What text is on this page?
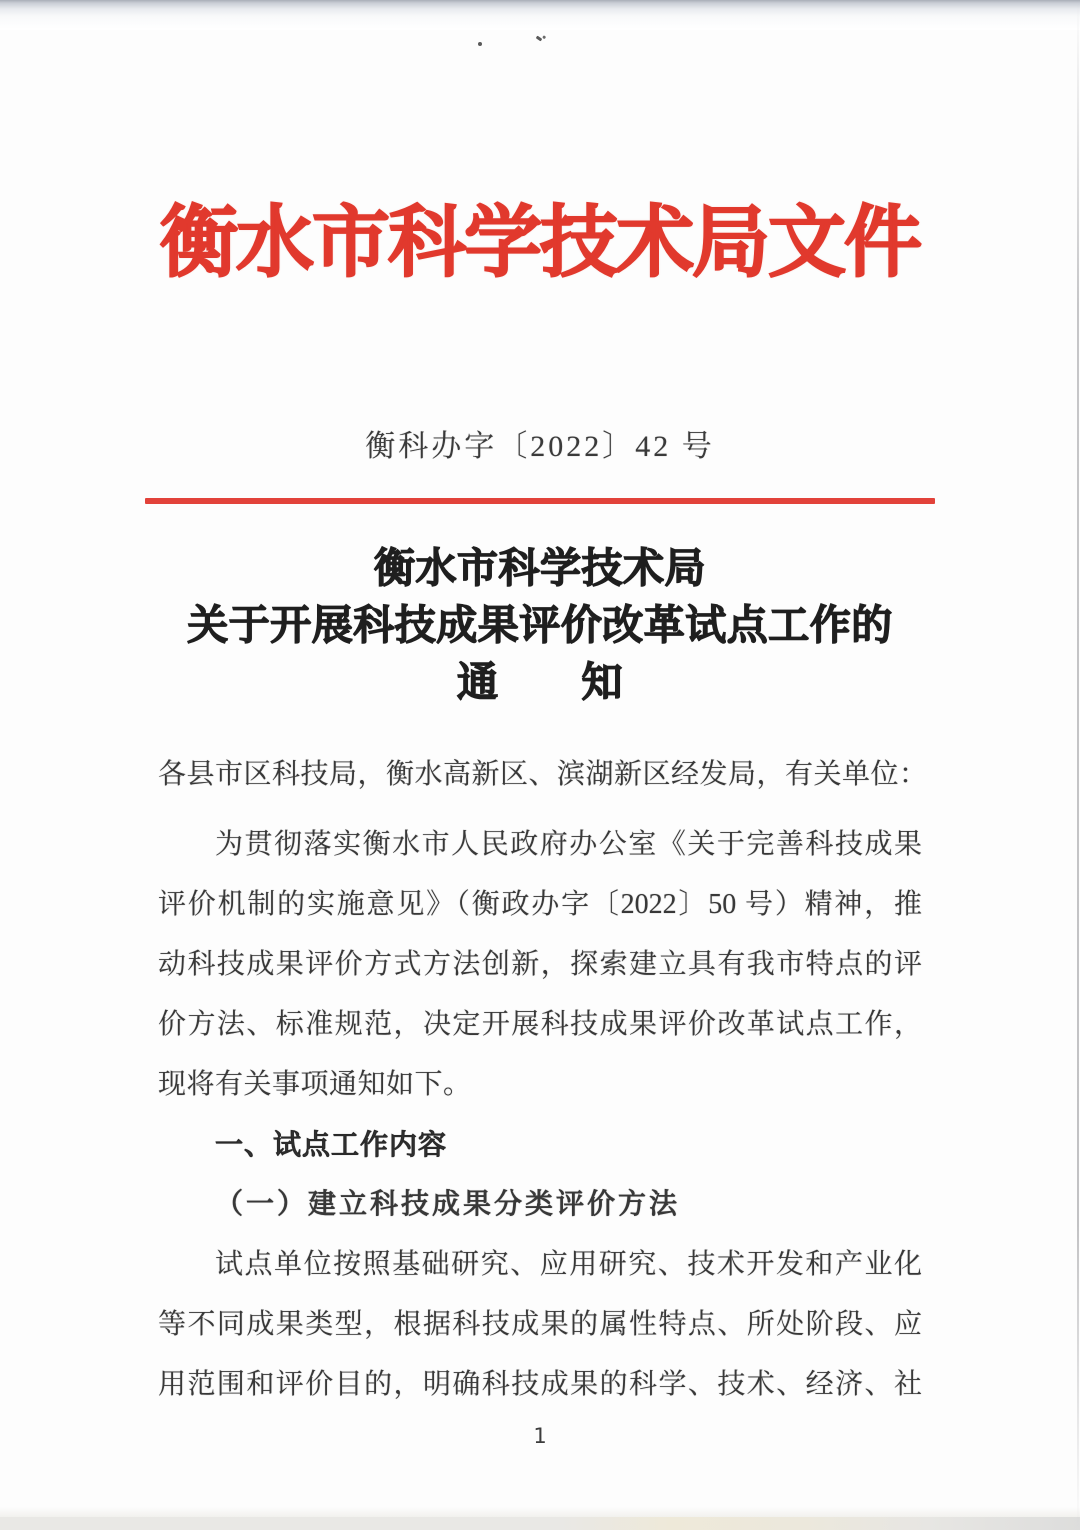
衡水市科学技术局文件
衡科办字〔2022〕42 号
衡水市科学技术局
关于开展科技成果评价改革试点工作的
通　　知
各县市区科技局，衡水高新区、滨湖新区经发局，有关单位：
为贯彻落实衡水市人民政府办公室《关于完善科技成果
评价机制的实施意见》（衡政办字〔2022〕50 号）精神，推
动科技成果评价方式方法创新，探索建立具有我市特点的评
价方法、标准规范，决定开展科技成果评价改革试点工作，
现将有关事项通知如下。
一、试点工作内容
（一）建立科技成果分类评价方法
试点单位按照基础研究、应用研究、技术开发和产业化
等不同成果类型，根据科技成果的属性特点、所处阶段、应
用范围和评价目的，明确科技成果的科学、技术、经济、社
1
